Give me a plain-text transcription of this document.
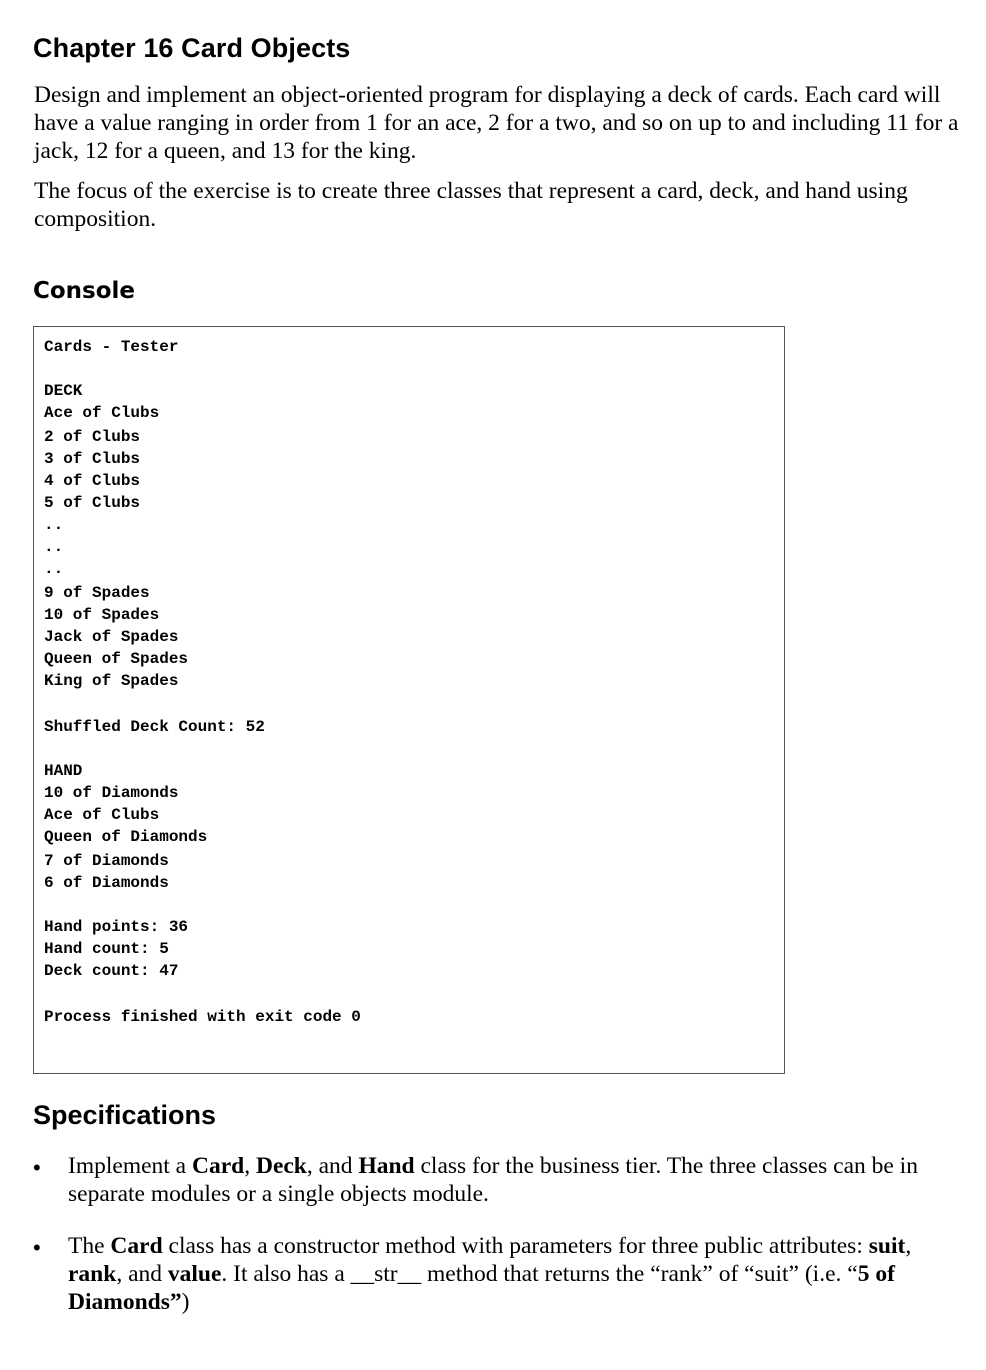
Chapter 16 Card Objects
Design and implement an object-oriented program for displaying a deck of cards. Each card will have a value ranging in order from 1 for an ace, 2 for a two, and so on up to and including 11 for a jack, 12 for a queen, and 13 for the king.
The focus of the exercise is to create three classes that represent a card, deck, and hand using composition.
Console
Cards - Tester
DECK
Ace of Clubs
2 of Clubs
3 of Clubs
4 of Clubs
5 of Clubs
..
..
..
9 of Spades
10 of Spades
Jack of Spades
Queen of Spades
King of Spades
Shuffled Deck Count: 52
HAND
10 of Diamonds
Ace of Clubs
Queen of Diamonds
7 of Diamonds
6 of Diamonds
Hand points: 36
Hand count: 5
Deck count: 47
Process finished with exit code 0
Specifications
• Implement a Card, Deck, and Hand class for the business tier. The three classes can be in separate modules or a single objects module.
• The Card class has a constructor method with parameters for three public attributes: suit, rank, and value. It also has a __str__ method that returns the “rank” of “suit” (i.e. “5 of Diamonds”)
